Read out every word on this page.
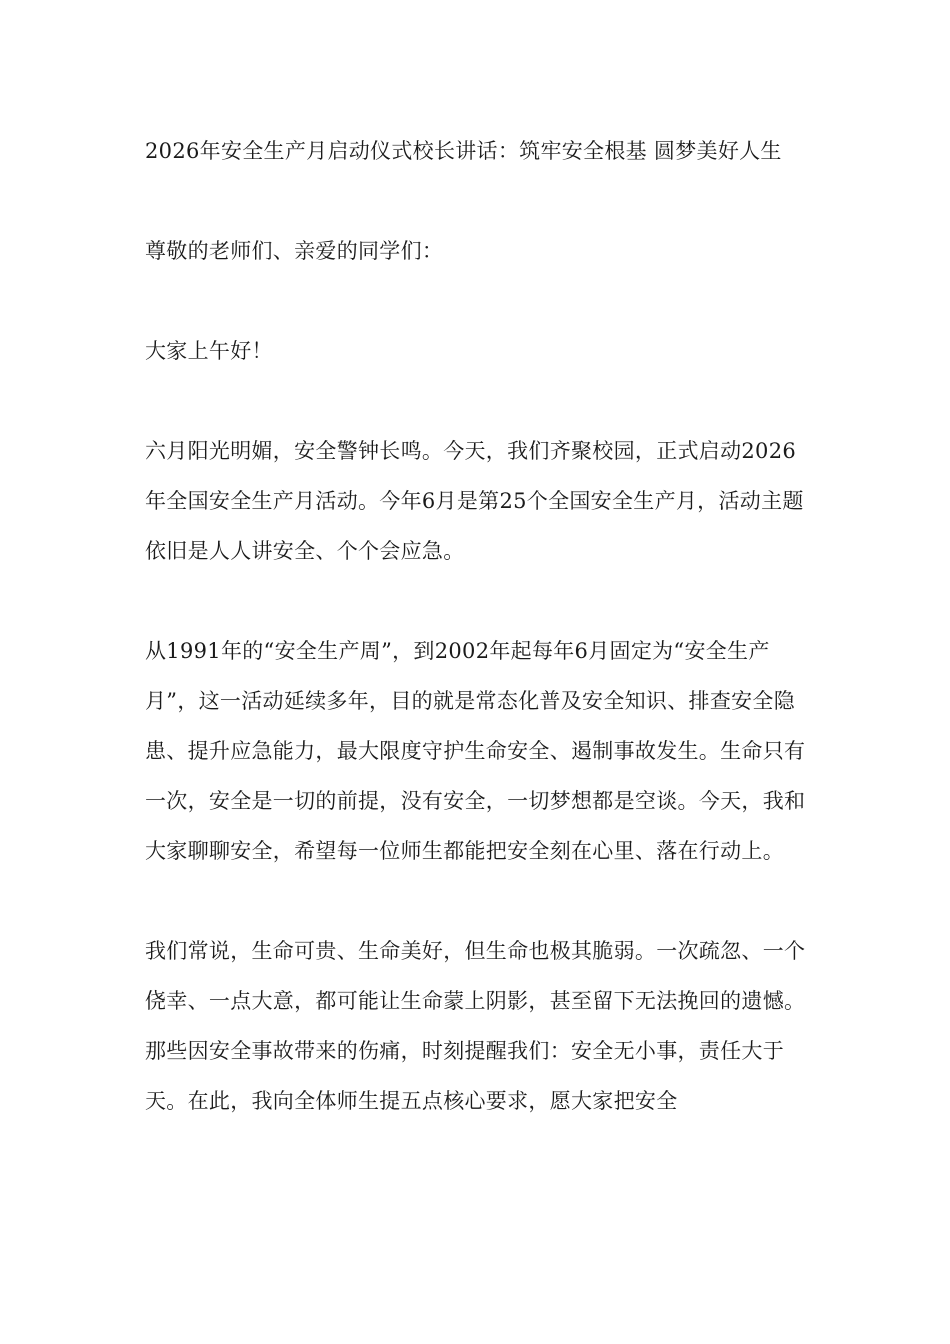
2026年安全生产月启动仪式校长讲话：筑牢安全根基 圆梦美好人生

尊敬的老师们、亲爱的同学们：

大家上午好！

六月阳光明媚，安全警钟长鸣。今天，我们齐聚校园，正式启动2026年全国安全生产月活动。今年6月是第25个全国安全生产月，活动主题依旧是人人讲安全、个个会应急。

从1991年的“安全生产周”，到2002年起每年6月固定为“安全生产月”，这一活动延续多年，目的就是常态化普及安全知识、排查安全隐患、提升应急能力，最大限度守护生命安全、遏制事故发生。生命只有一次，安全是一切的前提，没有安全，一切梦想都是空谈。今天，我和大家聊聊安全，希望每一位师生都能把安全刻在心里、落在行动上。

我们常说，生命可贵、生命美好，但生命也极其脆弱。一次疏忽、一个侥幸、一点大意，都可能让生命蒙上阴影，甚至留下无法挽回的遗憾。那些因安全事故带来的伤痛，时刻提醒我们：安全无小事，责任大于天。在此，我向全体师生提五点核心要求，愿大家把安全
